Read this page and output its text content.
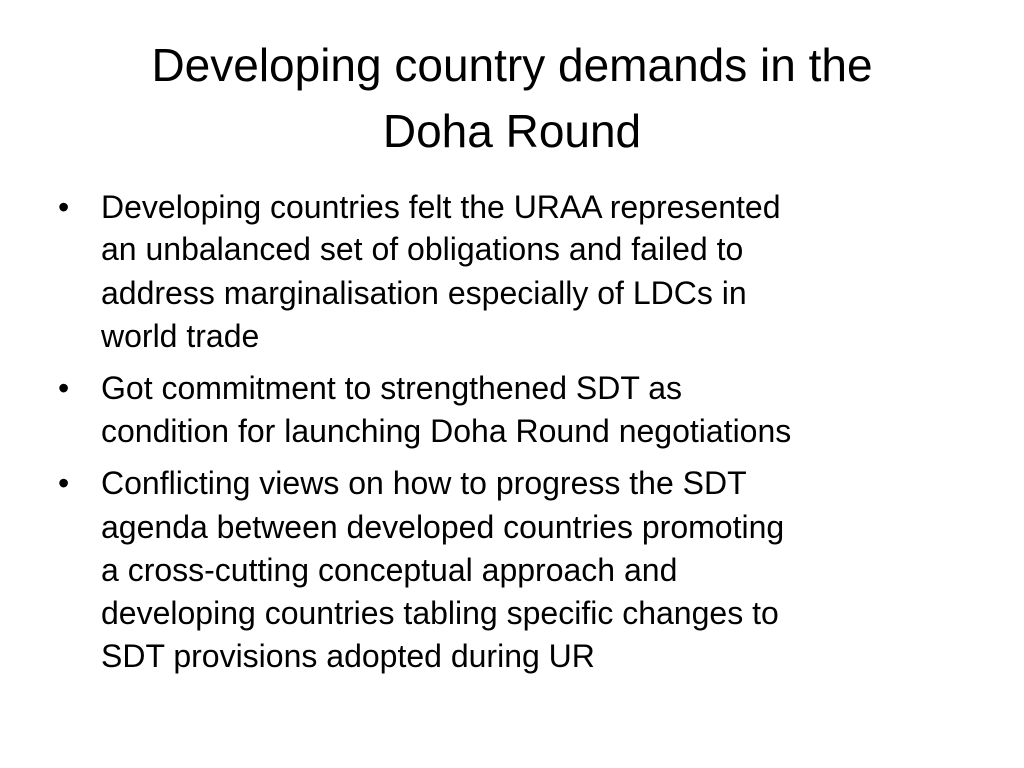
Developing country demands in the
Doha Round
• Developing countries felt the URAA represented
an unbalanced set of obligations and failed to
address marginalisation especially of LDCs in
world trade
• Got commitment to strengthened SDT as
condition for launching Doha Round negotiations
• Conflicting views on how to progress the SDT
agenda between developed countries promoting
a cross-cutting conceptual approach and
developing countries tabling specific changes to
SDT provisions adopted during UR
